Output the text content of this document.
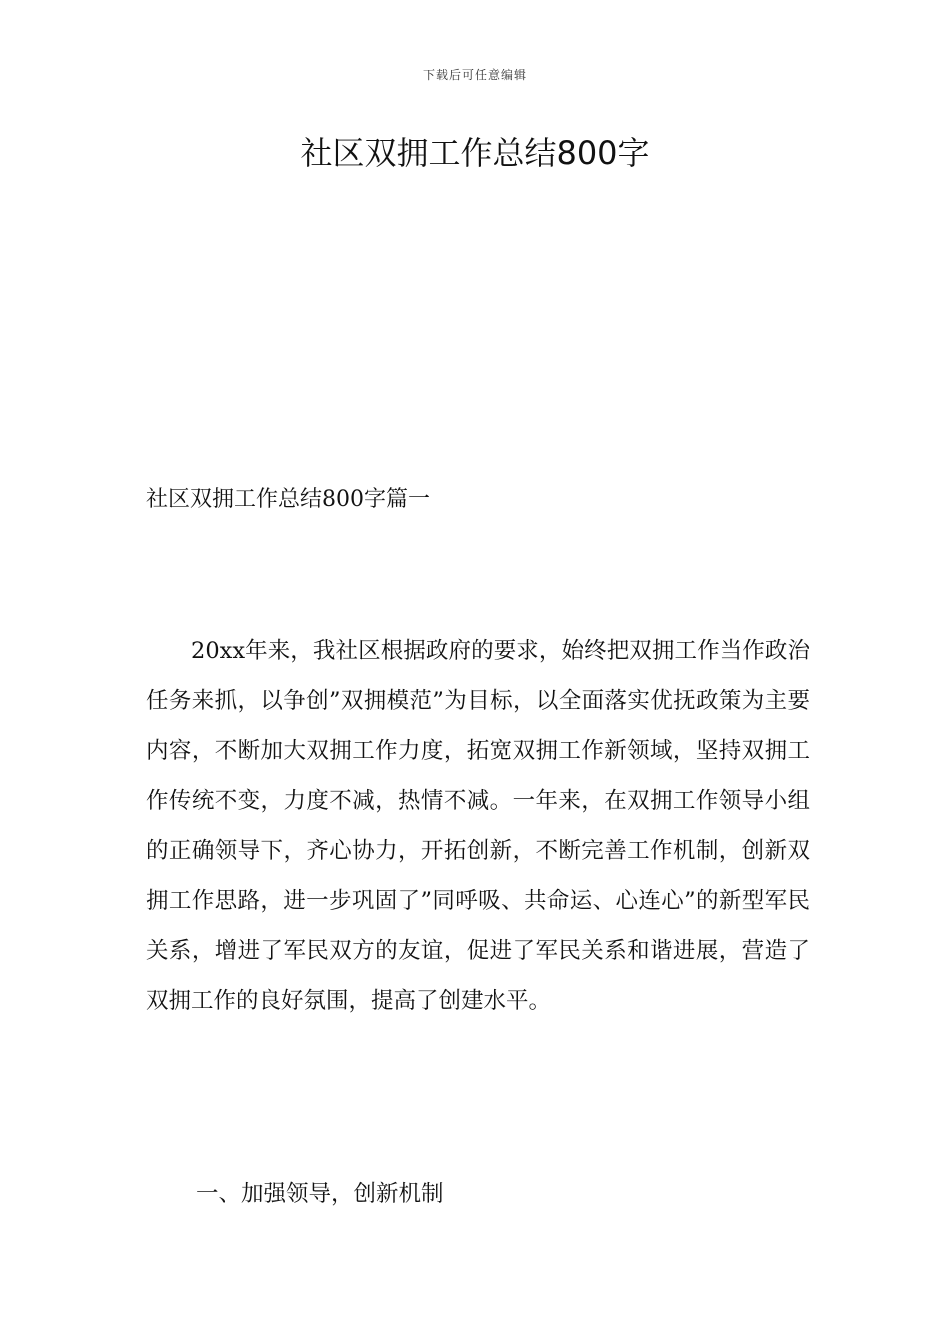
下载后可任意编辑
社区双拥工作总结800字
社区双拥工作总结800字篇一

20xx年来，我社区根据政府的要求，始终把双拥工作当作政治任务来抓，以争创”双拥模范”为目标，以全面落实优抚政策为主要内容，不断加大双拥工作力度，拓宽双拥工作新领域，坚持双拥工作传统不变，力度不减，热情不减。一年来，在双拥工作领导小组的正确领导下，齐心协力，开拓创新，不断完善工作机制，创新双拥工作思路，进一步巩固了”同呼吸、共命运、心连心”的新型军民关系，增进了军民双方的友谊，促进了军民关系和谐进展，营造了双拥工作的良好氛围，提高了创建水平。

一、加强领导，创新机制
